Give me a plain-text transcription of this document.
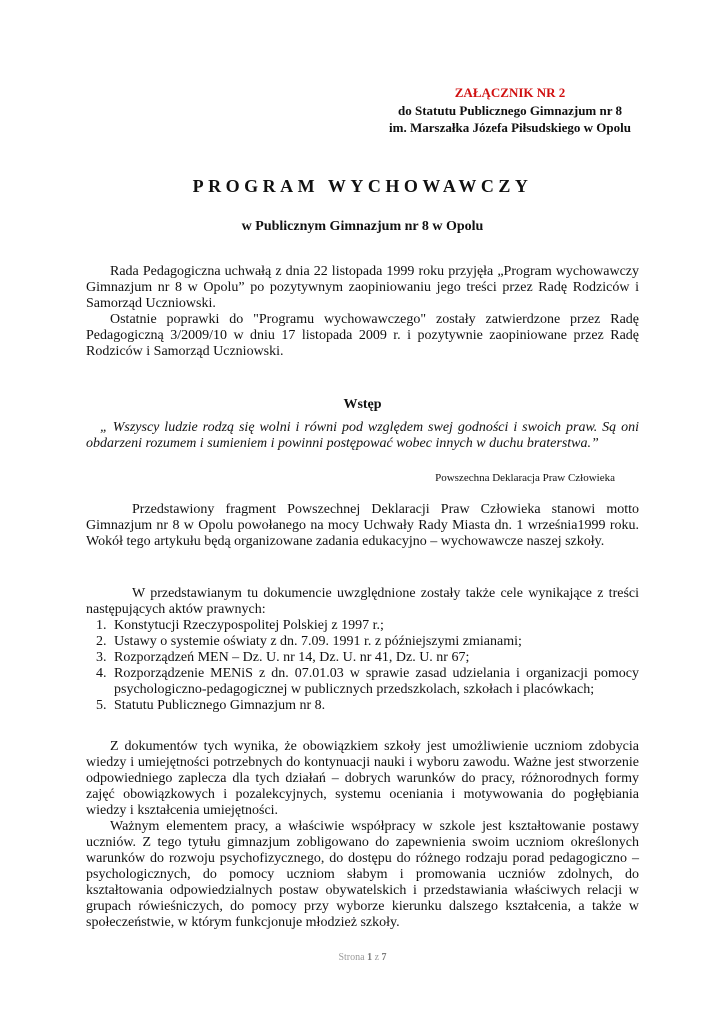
ZAŁĄCZNIK NR 2
do Statutu Publicznego Gimnazjum nr 8
im. Marszałka Józefa Piłsudskiego w Opolu
PROGRAM WYCHOWAWCZY
w Publicznym Gimnazjum nr 8 w Opolu

Rada Pedagogiczna uchwałą z dnia 22 listopada 1999 roku przyjęła „Program wychowawczy Gimnazjum nr 8 w Opolu” po pozytywnym zaopiniowaniu jego treści przez Radę Rodziców i Samorząd Uczniowski.

Ostatnie poprawki do "Programu wychowawczego" zostały zatwierdzone przez Radę Pedagogiczną 3/2009/10 w dniu 17 listopada 2009 r. i pozytywnie zaopiniowane przez Radę Rodziców i Samorząd Uczniowski.

Wstęp

„ Wszyscy ludzie rodzą się wolni i równi pod względem swej godności i swoich praw. Są oni obdarzeni rozumem i sumieniem i powinni postępować wobec innych w duchu braterstwa.”

Powszechna Deklaracja Praw Człowieka

Przedstawiony fragment Powszechnej Deklaracji Praw Człowieka stanowi motto Gimnazjum nr 8 w Opolu powołanego na mocy Uchwały Rady Miasta dn. 1 września1999 roku. Wokół tego artykułu będą organizowane zadania edukacyjno – wychowawcze naszej szkoły.

W przedstawianym tu dokumencie uwzględnione zostały także cele wynikające z treści następujących aktów prawnych:

1. Konstytucji Rzeczypospolitej Polskiej z 1997 r.;
2. Ustawy o systemie oświaty z dn. 7.09. 1991 r. z późniejszymi zmianami;
3. Rozporządzeń MEN – Dz. U. nr 14, Dz. U. nr 41, Dz. U. nr 67;
4. Rozporządzenie MENiS z dn. 07.01.03 w sprawie zasad udzielania i organizacji pomocy psychologiczno-pedagogicznej w publicznych przedszkolach, szkołach i placówkach;
5. Statutu Publicznego Gimnazjum nr 8.

Z dokumentów tych wynika, że obowiązkiem szkoły jest umożliwienie uczniom zdobycia wiedzy i umiejętności potrzebnych do kontynuacji nauki i wyboru zawodu. Ważne jest stworzenie odpowiedniego zaplecza dla tych działań – dobrych warunków do pracy, różnorodnych formy zajęć obowiązkowych i pozalekcyjnych, systemu oceniania i motywowania do pogłębiania wiedzy i kształcenia umiejętności.

Ważnym elementem pracy, a właściwie współpracy w szkole jest kształtowanie postawy uczniów. Z tego tytułu gimnazjum zobligowano do zapewnienia swoim uczniom określonych warunków do rozwoju psychofizycznego, do dostępu do różnego rodzaju porad pedagogiczno – psychologicznych, do pomocy uczniom słabym i promowania uczniów zdolnych, do kształtowania odpowiedzialnych postaw obywatelskich i przedstawiania właściwych relacji w grupach rówieśniczych, do pomocy przy wyborze kierunku dalszego kształcenia, a także w społeczeństwie, w którym funkcjonuje młodzież szkoły.

Strona 1 z 7
